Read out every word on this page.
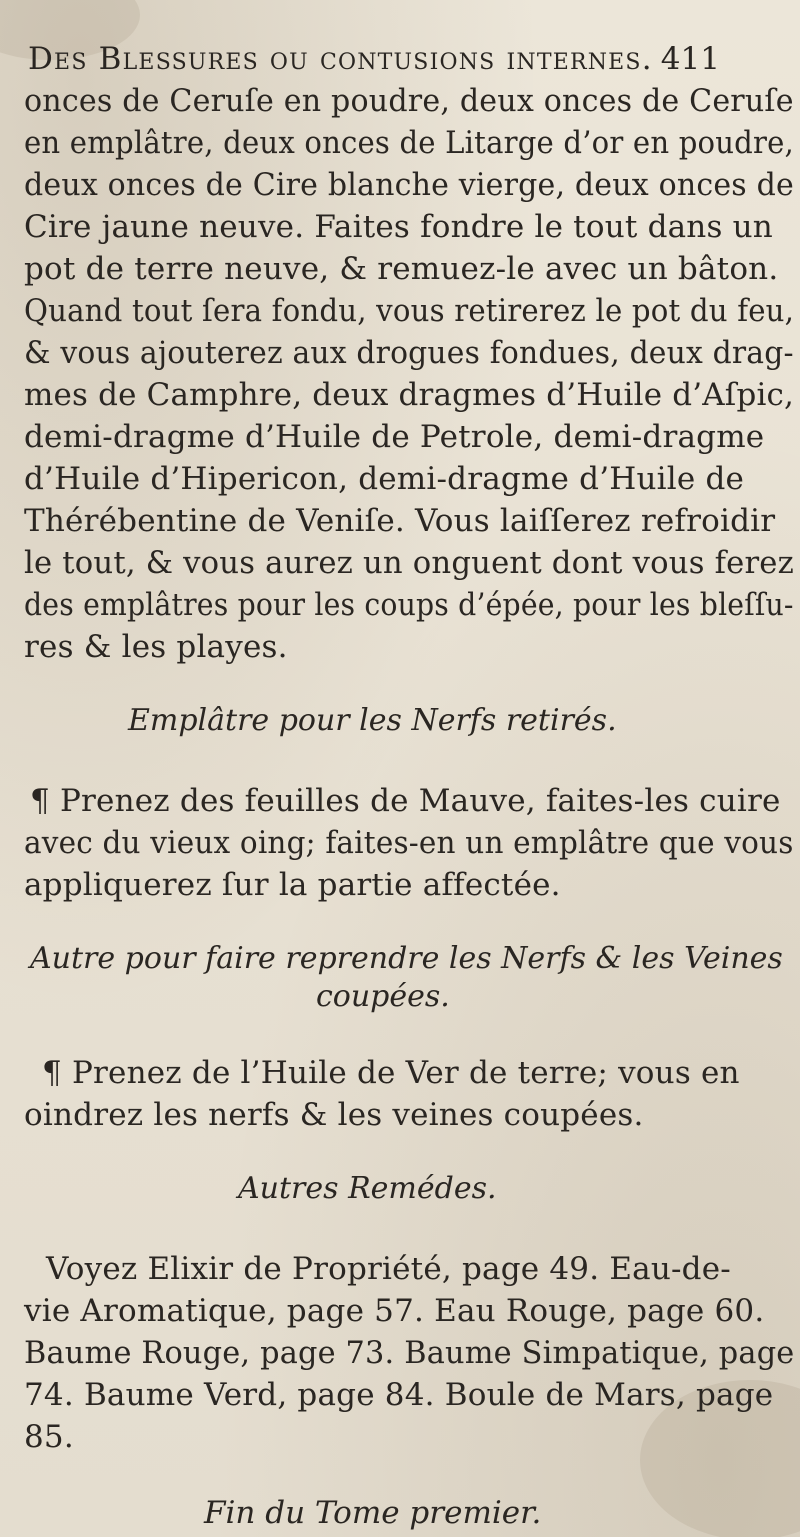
Des Blessures ou contusions internes. 411
onces de Ceruſe en poudre, deux onces de Ceruſe
en emplâtre, deux onces de Litarge d’or en poudre,
deux onces de Cire blanche vierge, deux onces de
Cire jaune neuve. Faites fondre le tout dans un
pot de terre neuve, & remuez-le avec un bâton.
Quand tout ſera fondu, vous retirerez le pot du feu,
& vous ajouterez aux drogues fondues, deux drag-
mes de Camphre, deux dragmes d’Huile d’Aſpic,
demi-dragme d’Huile de Petrole, demi-dragme
d’Huile d’Hipericon, demi-dragme d’Huile de
Thérébentine de Veniſe. Vous laiſſerez refroidir
le tout, & vous aurez un onguent dont vous ferez
des emplâtres pour les coups d’épée, pour les bleſſu-
res & les playes.
Emplâtre pour les Nerfs retirés.
¶ Prenez des feuilles de Mauve, faites-les cuire
avec du vieux oing; faites-en un emplâtre que vous
appliquerez ſur la partie affectée.
Autre pour faire reprendre les Nerfs & les Veines
coupées.
¶ Prenez de l’Huile de Ver de terre; vous en
oindrez les nerfs & les veines coupées.
Autres Remédes.
Voyez Elixir de Propriété, page 49. Eau-de-
vie Aromatique, page 57. Eau Rouge, page 60.
Baume Rouge, page 73. Baume Simpatique, page
74. Baume Verd, page 84. Boule de Mars, page
85.
Fin du Tome premier.
